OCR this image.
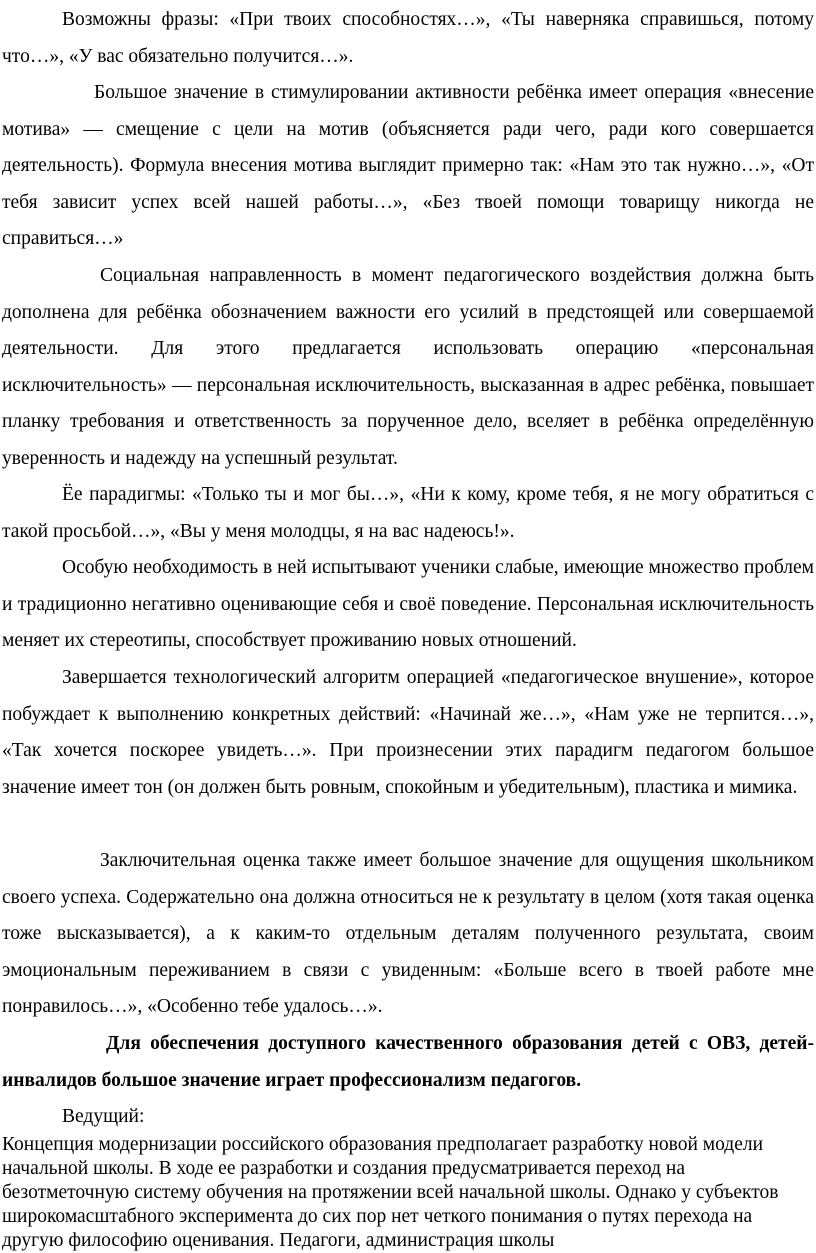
Возможны фразы: «При твоих способностях…», «Ты наверняка справишься, потому что…», «У вас обязательно получится…».

Большое значение в стимулировании активности ребёнка имеет операция «внесение мотива» — смещение с цели на мотив (объясняется ради чего, ради кого совершается деятельность). Формула внесения мотива выглядит примерно так: «Нам это так нужно…», «От тебя зависит успех всей нашей работы…», «Без твоей помощи товарищу никогда не справиться…»

Социальная направленность в момент педагогического воздействия должна быть дополнена для ребёнка обозначением важности его усилий в предстоящей или совершаемой деятельности. Для этого предлагается использовать операцию «персональная исключительность» — персональная исключительность, высказанная в адрес ребёнка, повышает планку требования и ответственность за порученное дело, вселяет в ребёнка определённую уверенность и надежду на успешный результат.

Ёе парадигмы: «Только ты и мог бы…», «Ни к кому, кроме тебя, я не могу обратиться с такой просьбой…», «Вы у меня молодцы, я на вас надеюсь!».

Особую необходимость в ней испытывают ученики слабые, имеющие множество проблем и традиционно негативно оценивающие себя и своё поведение. Персональная исключительность меняет их стереотипы, способствует проживанию новых отношений.

Завершается технологический алгоритм операцией «педагогическое внушение», которое побуждает к выполнению конкретных действий: «Начинай же…», «Нам уже не терпится…», «Так хочется поскорее увидеть…». При произнесении этих парадигм педагогом большое значение имеет тон (он должен быть ровным, спокойным и убедительным), пластика и мимика.

Заключительная оценка также имеет большое значение для ощущения школьником своего успеха. Содержательно она должна относиться не к результату в целом (хотя такая оценка тоже высказывается), а к каким-то отдельным деталям полученного результата, своим эмоциональным переживанием в связи с увиденным: «Больше всего в твоей работе мне понравилось…», «Особенно тебе удалось…».

Для обеспечения доступного качественного образования детей с ОВЗ, детей-инвалидов большое значение играет профессионализм педагогов.

Ведущий:

Концепция модернизации российского образования предполагает разработку новой модели начальной школы. В ходе ее разработки и создания предусматривается переход на безотметочную систему обучения на протяжении всей начальной школы. Однако у субъектов широкомасштабного эксперимента до сих пор нет четкого понимания о путях перехода на другую философию оценивания. Педагоги, администрация школы
